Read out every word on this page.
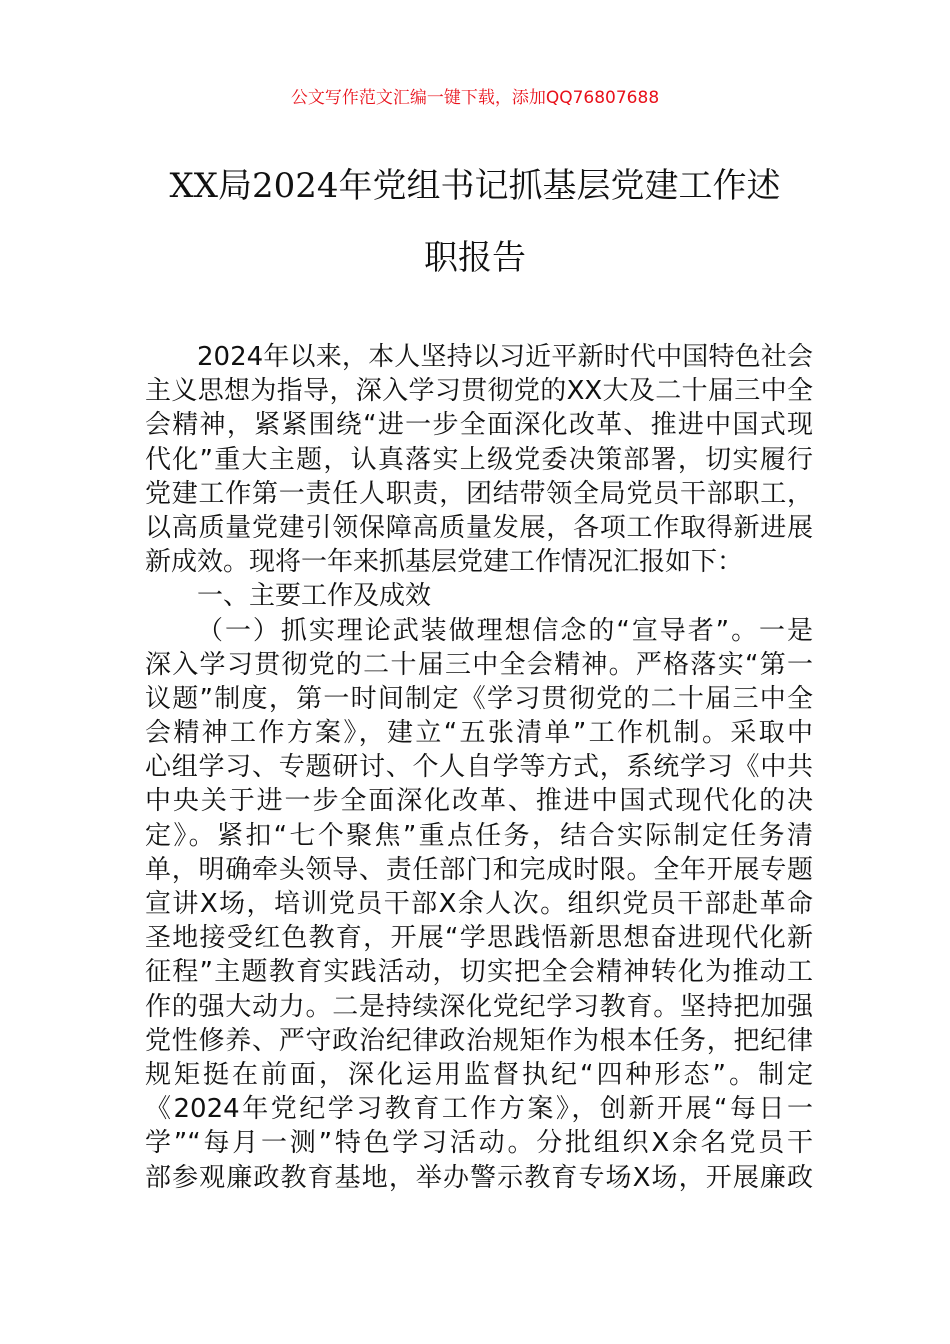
公文写作范文汇编一键下载，添加QQ76807688
XX局2024年党组书记抓基层党建工作述
职报告
2024年以来，本人坚持以习近平新时代中国特色社会
主义思想为指导，深入学习贯彻党的XX大及二十届三中全
会精神，紧紧围绕“进一步全面深化改革、推进中国式现
代化”重大主题，认真落实上级党委决策部署，切实履行
党建工作第一责任人职责，团结带领全局党员干部职工，
以高质量党建引领保障高质量发展，各项工作取得新进展
新成效。现将一年来抓基层党建工作情况汇报如下：
一、主要工作及成效
（一）抓实理论武装做理想信念的“宣导者”。一是
深入学习贯彻党的二十届三中全会精神。严格落实“第一
议题”制度，第一时间制定《学习贯彻党的二十届三中全
会精神工作方案》，建立“五张清单”工作机制。采取中
心组学习、专题研讨、个人自学等方式，系统学习《中共
中央关于进一步全面深化改革、推进中国式现代化的决
定》。紧扣“七个聚焦”重点任务，结合实际制定任务清
单，明确牵头领导、责任部门和完成时限。全年开展专题
宣讲X场，培训党员干部X余人次。组织党员干部赴革命
圣地接受红色教育，开展“学思践悟新思想奋进现代化新
征程”主题教育实践活动，切实把全会精神转化为推动工
作的强大动力。二是持续深化党纪学习教育。坚持把加强
党性修养、严守政治纪律政治规矩作为根本任务，把纪律
规矩挺在前面，深化运用监督执纪“四种形态”。制定
《2024年党纪学习教育工作方案》，创新开展“每日一
学”“每月一测”特色学习活动。分批组织X余名党员干
部参观廉政教育基地，举办警示教育专场X场，开展廉政
